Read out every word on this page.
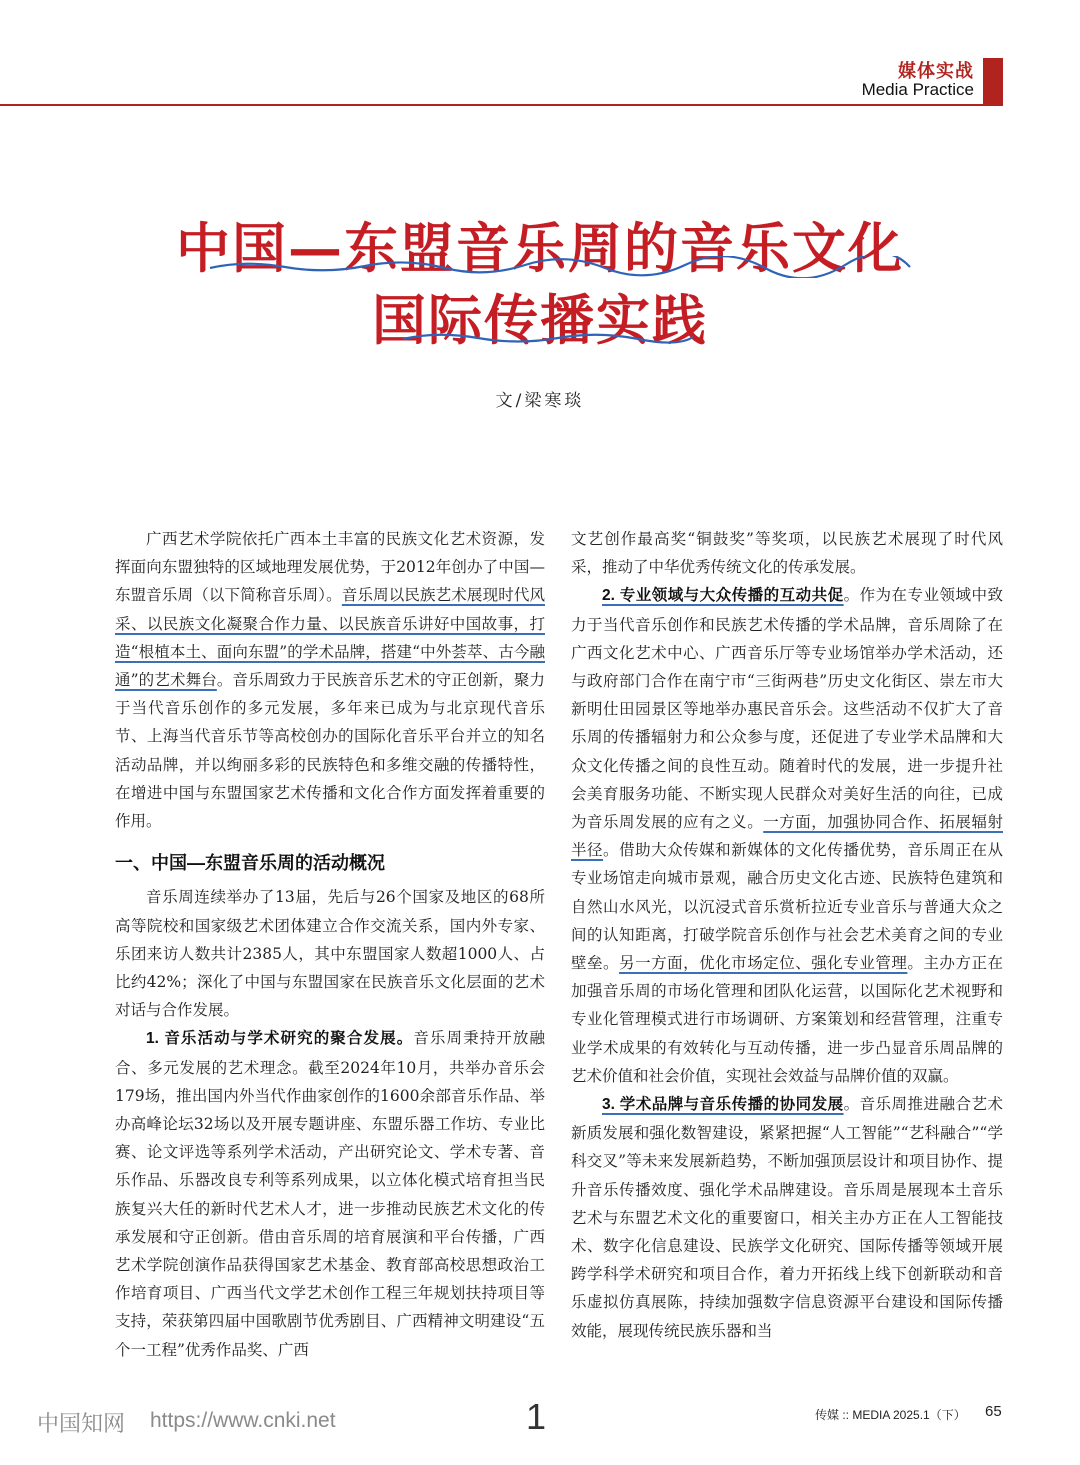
媒体实战
Media Practice
中国—东盟音乐周的音乐文化
国际传播实践
文/梁寒琰

广西艺术学院依托广西本土丰富的民族文化艺术资源，发挥面向东盟独特的区域地理发展优势，于2012年创办了中国—东盟音乐周（以下简称音乐周）。音乐周以民族艺术展现时代风采、以民族文化凝聚合作力量、以民族音乐讲好中国故事，打造“根植本土、面向东盟”的学术品牌，搭建“中外荟萃、古今融通”的艺术舞台。音乐周致力于民族音乐艺术的守正创新，聚力于当代音乐创作的多元发展，多年来已成为与北京现代音乐节、上海当代音乐节等高校创办的国际化音乐平台并立的知名活动品牌，并以绚丽多彩的民族特色和多维交融的传播特性，在增进中国与东盟国家艺术传播和文化合作方面发挥着重要的作用。

一、中国—东盟音乐周的活动概况

音乐周连续举办了13届，先后与26个国家及地区的68所高等院校和国家级艺术团体建立合作交流关系，国内外专家、乐团来访人数共计2385人，其中东盟国家人数超1000人、占比约42%；深化了中国与东盟国家在民族音乐文化层面的艺术对话与合作发展。

1. 音乐活动与学术研究的聚合发展。音乐周秉持开放融合、多元发展的艺术理念。截至2024年10月，共举办音乐会179场，推出国内外当代作曲家创作的1600余部音乐作品、举办高峰论坛32场以及开展专题讲座、东盟乐器工作坊、专业比赛、论文评选等系列学术活动，产出研究论文、学术专著、音乐作品、乐器改良专利等系列成果，以立体化模式培育担当民族复兴大任的新时代艺术人才，进一步推动民族艺术文化的传承发展和守正创新。借由音乐周的培育展演和平台传播，广西艺术学院创演作品获得国家艺术基金、教育部高校思想政治工作培育项目、广西当代文学艺术创作工程三年规划扶持项目等支持，荣获第四届中国歌剧节优秀剧目、广西精神文明建设“五个一工程”优秀作品奖、广西

文艺创作最高奖“铜鼓奖”等奖项，以民族艺术展现了时代风采，推动了中华优秀传统文化的传承发展。

2. 专业领域与大众传播的互动共促。作为在专业领域中致力于当代音乐创作和民族艺术传播的学术品牌，音乐周除了在广西文化艺术中心、广西音乐厅等专业场馆举办学术活动，还与政府部门合作在南宁市“三街两巷”历史文化街区、崇左市大新明仕田园景区等地举办惠民音乐会。这些活动不仅扩大了音乐周的传播辐射力和公众参与度，还促进了专业学术品牌和大众文化传播之间的良性互动。随着时代的发展，进一步提升社会美育服务功能、不断实现人民群众对美好生活的向往，已成为音乐周发展的应有之义。一方面，加强协同合作、拓展辐射半径。借助大众传媒和新媒体的文化传播优势，音乐周正在从专业场馆走向城市景观，融合历史文化古迹、民族特色建筑和自然山水风光，以沉浸式音乐赏析拉近专业音乐与普通大众之间的认知距离，打破学院音乐创作与社会艺术美育之间的专业壁垒。另一方面，优化市场定位、强化专业管理。主办方正在加强音乐周的市场化管理和团队化运营，以国际化艺术视野和专业化管理模式进行市场调研、方案策划和经营管理，注重专业学术成果的有效转化与互动传播，进一步凸显音乐周品牌的艺术价值和社会价值，实现社会效益与品牌价值的双赢。

3. 学术品牌与音乐传播的协同发展。音乐周推进融合艺术新质发展和强化数智建设，紧紧把握“人工智能”“艺科融合”“学科交叉”等未来发展新趋势，不断加强顶层设计和项目协作、提升音乐传播效度、强化学术品牌建设。音乐周是展现本土音乐艺术与东盟艺术文化的重要窗口，相关主办方正在人工智能技术、数字化信息建设、民族学文化研究、国际传播等领域开展跨学科学术研究和项目合作，着力开拓线上线下创新联动和音乐虚拟仿真展陈，持续加强数字信息资源平台建设和国际传播效能，展现传统民族乐器和当

中国知网 https://www.cnki.net	1	传媒 :: MEDIA 2025.1（下） 65
